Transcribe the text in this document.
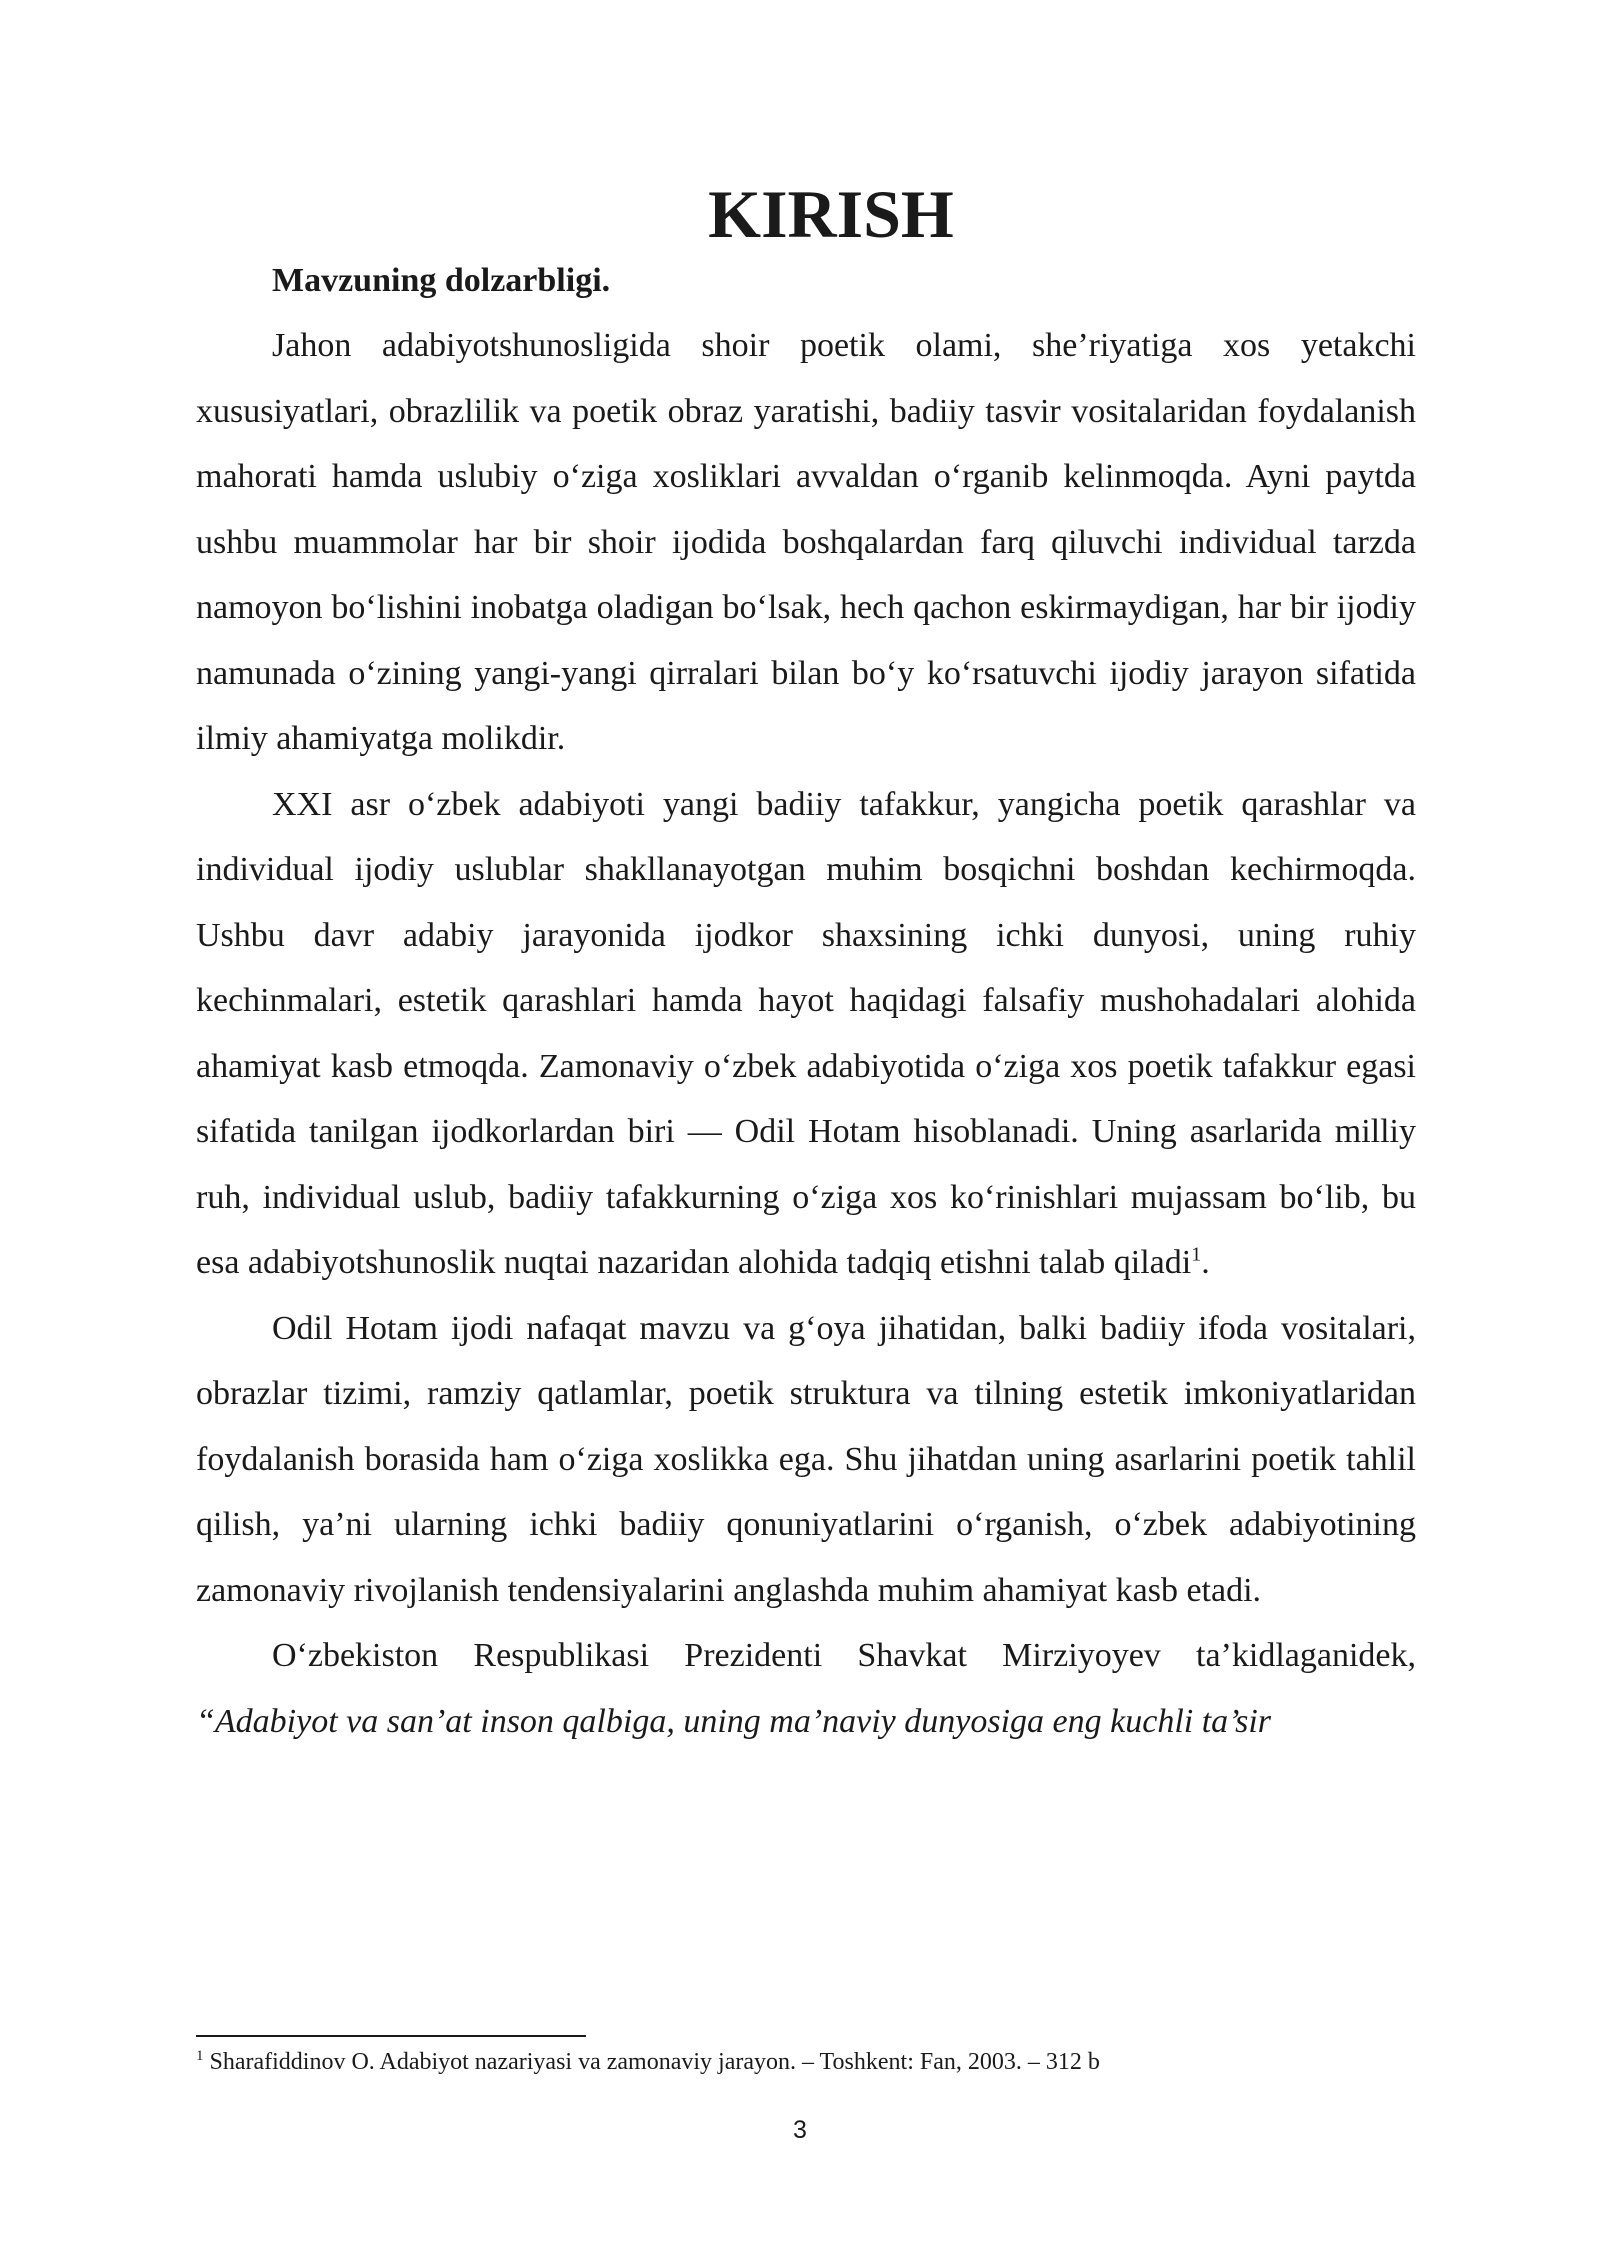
KIRISH

Mavzuning dolzarbligi.

Jahon adabiyotshunosligida shoir poetik olami, she’riyatiga xos yetakchi xususiyatlari, obrazlilik va poetik obraz yaratishi, badiiy tasvir vositalaridan foydalanish mahorati hamda uslubiy o‘ziga xosliklari avvaldan o‘rganib kelinmoqda. Ayni paytda ushbu muammolar har bir shoir ijodida boshqalardan farq qiluvchi individual tarzda namoyon bo‘lishini inobatga oladigan bo‘lsak, hech qachon eskirmaydigan, har bir ijodiy namunada o‘zining yangi-yangi qirralari bilan bo‘y ko‘rsatuvchi ijodiy jarayon sifatida ilmiy ahamiyatga molikdir.

XXI asr o‘zbek adabiyoti yangi badiiy tafakkur, yangicha poetik qarashlar va individual ijodiy uslublar shakllanayotgan muhim bosqichni boshdan kechirmoqda. Ushbu davr adabiy jarayonida ijodkor shaxsining ichki dunyosi, uning ruhiy kechinmalari, estetik qarashlari hamda hayot haqidagi falsafiy mushohadalari alohida ahamiyat kasb etmoqda. Zamonaviy o‘zbek adabiyotida o‘ziga xos poetik tafakkur egasi sifatida tanilgan ijodkorlardan biri — Odil Hotam hisoblanadi. Uning asarlarida milliy ruh, individual uslub, badiiy tafakkurning o‘ziga xos ko‘rinishlari mujassam bo‘lib, bu esa adabiyotshunoslik nuqtai nazaridan alohida tadqiq etishni talab qiladi$^1$.

Odil Hotam ijodi nafaqat mavzu va g‘oya jihatidan, balki badiiy ifoda vositalari, obrazlar tizimi, ramziy qatlamlar, poetik struktura va tilning estetik imkoniyatlaridan foydalanish borasida ham o‘ziga xoslikka ega. Shu jihatdan uning asarlarini poetik tahlil qilish, ya’ni ularning ichki badiiy qonuniyatlarini o‘rganish, o‘zbek adabiyotining zamonaviy rivojlanish tendensiyalarini anglashda muhim ahamiyat kasb etadi.

O‘zbekiston Respublikasi Prezidenti Shavkat Mirziyoyev ta’kidlaganidek, “Adabiyot va san’at inson qalbiga, uning ma’naviy dunyosiga eng kuchli ta’sir

$^1$ Sharafiddinov O. Adabiyot nazariyasi va zamonaviy jarayon. – Toshkent: Fan, 2003. – 312 b
3
